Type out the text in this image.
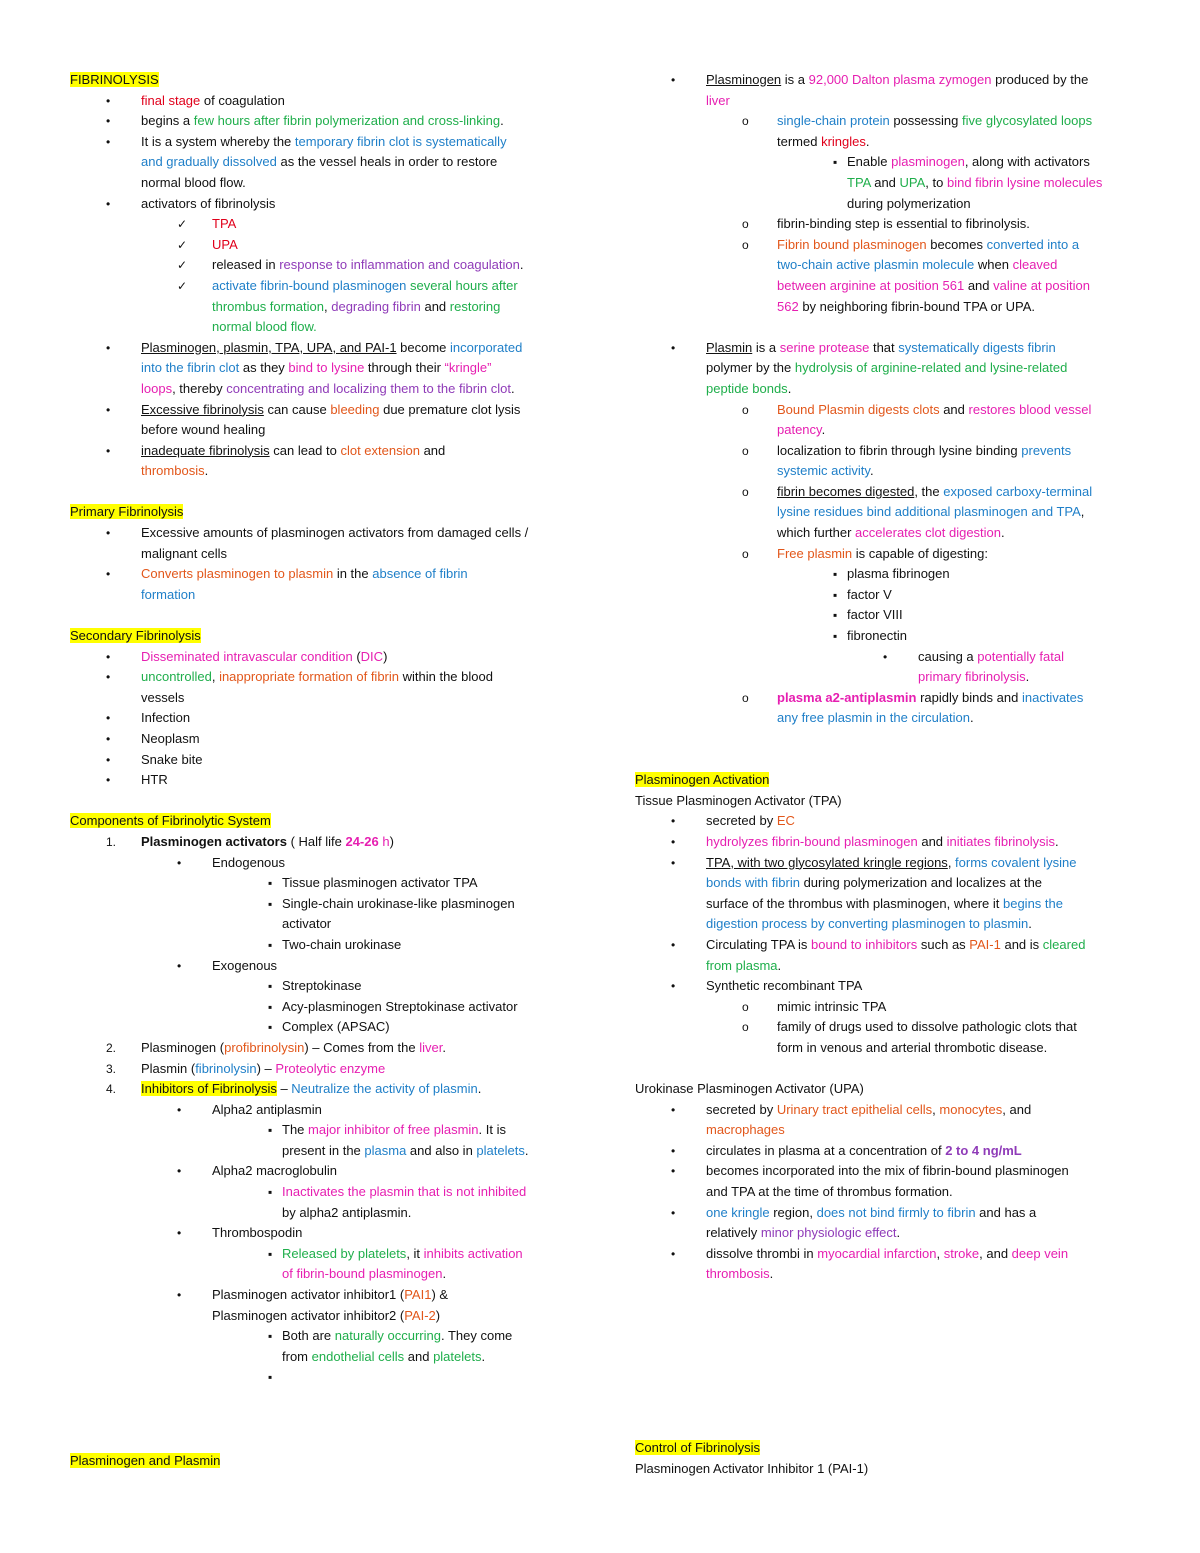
FIBRINOLYSIS
• final stage of coagulation
• begins a few hours after fibrin polymerization and cross-linking.
• It is a system whereby the temporary fibrin clot is systematically
and gradually dissolved as the vessel heals in order to restore
normal blood flow.
• activators of fibrinolysis
✓ TPA
✓ UPA
✓ released in response to inflammation and coagulation.
✓ activate fibrin-bound plasminogen several hours after
thrombus formation, degrading fibrin and restoring
normal blood flow.
• Plasminogen, plasmin, TPA, UPA, and PAI-1 become incorporated
into the fibrin clot as they bind to lysine through their “kringle”
loops, thereby concentrating and localizing them to the fibrin clot.
• Excessive fibrinolysis can cause bleeding due premature clot lysis
before wound healing
• inadequate fibrinolysis can lead to clot extension and
thrombosis.

Primary Fibrinolysis
• Excessive amounts of plasminogen activators from damaged cells /
malignant cells
• Converts plasminogen to plasmin in the absence of fibrin
formation

Secondary Fibrinolysis
• Disseminated intravascular condition (DIC)
• uncontrolled, inappropriate formation of fibrin within the blood
vessels
• Infection
• Neoplasm
• Snake bite
• HTR

Components of Fibrinolytic System
1. Plasminogen activators ( Half life 24-26 h)
• Endogenous
▪ Tissue plasminogen activator TPA
▪ Single-chain urokinase-like plasminogen
activator
▪ Two-chain urokinase
• Exogenous
▪ Streptokinase
▪ Acy-plasminogen Streptokinase activator
▪ Complex (APSAC)
2. Plasminogen (profibrinolysin) – Comes from the liver.
3. Plasmin (fibrinolysin) – Proteolytic enzyme
4. Inhibitors of Fibrinolysis – Neutralize the activity of plasmin.
• Alpha2 antiplasmin
▪ The major inhibitor of free plasmin. It is
present in the plasma and also in platelets.
• Alpha2 macroglobulin
▪ Inactivates the plasmin that is not inhibited
by alpha2 antiplasmin.
• Thrombospodin
▪ Released by platelets, it inhibits activation
of fibrin-bound plasminogen.
• Plasminogen activator inhibitor1 (PAI1) &
Plasminogen activator inhibitor2 (PAI-2)
▪ Both are naturally occurring. They come
from endothelial cells and platelets.
▪

• Plasminogen is a 92,000 Dalton plasma zymogen produced by the
liver
o single-chain protein possessing five glycosylated loops
termed kringles.
▪ Enable plasminogen, along with activators
TPA and UPA, to bind fibrin lysine molecules
during polymerization
o fibrin-binding step is essential to fibrinolysis.
o Fibrin bound plasminogen becomes converted into a
two-chain active plasmin molecule when cleaved
between arginine at position 561 and valine at position
562 by neighboring fibrin-bound TPA or UPA.

• Plasmin is a serine protease that systematically digests fibrin
polymer by the hydrolysis of arginine-related and lysine-related
peptide bonds.
o Bound Plasmin digests clots and restores blood vessel
patency.
o localization to fibrin through lysine binding prevents
systemic activity.
o fibrin becomes digested, the exposed carboxy-terminal
lysine residues bind additional plasminogen and TPA,
which further accelerates clot digestion.
o Free plasmin is capable of digesting:
▪ plasma fibrinogen
▪ factor V
▪ factor VIII
▪ fibronectin
• causing a potentially fatal
primary fibrinolysis.
o plasma a2-antiplasmin rapidly binds and inactivates
any free plasmin in the circulation.

Plasminogen Activation
Tissue Plasminogen Activator (TPA)
• secreted by EC
• hydrolyzes fibrin-bound plasminogen and initiates fibrinolysis.
• TPA, with two glycosylated kringle regions, forms covalent lysine
bonds with fibrin during polymerization and localizes at the
surface of the thrombus with plasminogen, where it begins the
digestion process by converting plasminogen to plasmin.
• Circulating TPA is bound to inhibitors such as PAI-1 and is cleared
from plasma.
• Synthetic recombinant TPA
o mimic intrinsic TPA
o family of drugs used to dissolve pathologic clots that
form in venous and arterial thrombotic disease.

Urokinase Plasminogen Activator (UPA)
• secreted by Urinary tract epithelial cells, monocytes, and
macrophages
• circulates in plasma at a concentration of 2 to 4 ng/mL
• becomes incorporated into the mix of fibrin-bound plasminogen
and TPA at the time of thrombus formation.
• one kringle region, does not bind firmly to fibrin and has a
relatively minor physiologic effect.
• dissolve thrombi in myocardial infarction, stroke, and deep vein
thrombosis.
Plasminogen and Plasmin
Control of Fibrinolysis
Plasminogen Activator Inhibitor 1 (PAI-1)
